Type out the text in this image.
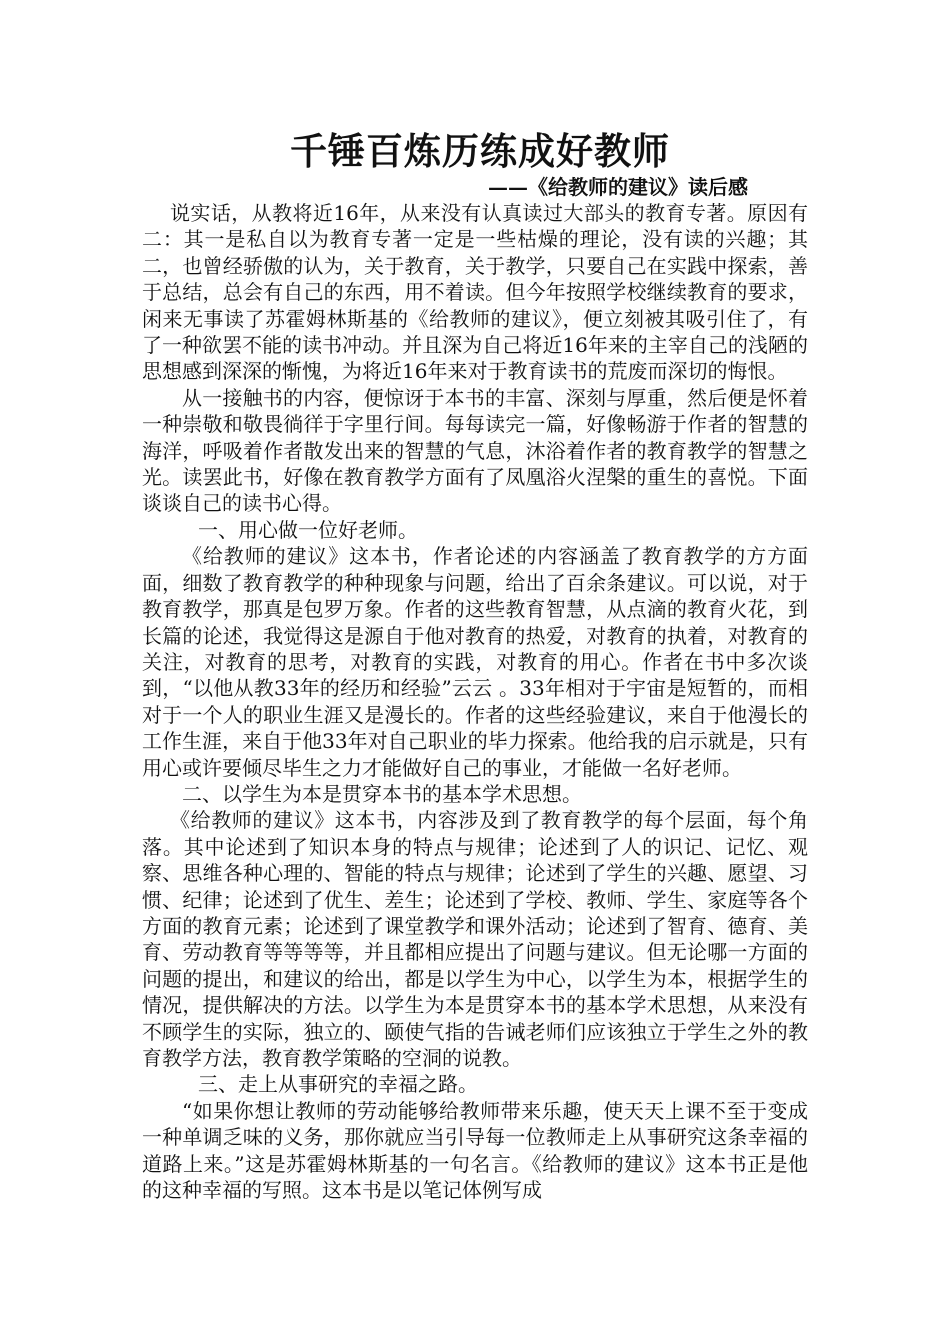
千锤百炼历练成好教师

——《给教师的建议》读后感

说实话，从教将近16年，从来没有认真读过大部头的教育专著。原因有二：其一是私自以为教育专著一定是一些枯燥的理论，没有读的兴趣；其二，也曾经骄傲的认为，关于教育，关于教学，只要自己在实践中探索，善于总结，总会有自己的东西，用不着读。但今年按照学校继续教育的要求，闲来无事读了苏霍姆林斯基的《给教师的建议》，便立刻被其吸引住了，有了一种欲罢不能的读书冲动。并且深为自己将近16年来的主宰自己的浅陋的思想感到深深的惭愧，为将近16年来对于教育读书的荒废而深切的悔恨。

从一接触书的内容，便惊讶于本书的丰富、深刻与厚重，然后便是怀着一种崇敬和敬畏徜徉于字里行间。每每读完一篇，好像畅游于作者的智慧的海洋，呼吸着作者散发出来的智慧的气息，沐浴着作者的教育教学的智慧之光。读罢此书，好像在教育教学方面有了凤凰浴火涅槃的重生的喜悦。下面谈谈自己的读书心得。

一、用心做一位好老师。

《给教师的建议》这本书，作者论述的内容涵盖了教育教学的方方面面，细数了教育教学的种种现象与问题，给出了百余条建议。可以说，对于教育教学，那真是包罗万象。作者的这些教育智慧，从点滴的教育火花，到长篇的论述，我觉得这是源自于他对教育的热爱，对教育的执着，对教育的关注，对教育的思考，对教育的实践，对教育的用心。作者在书中多次谈到，“以他从教33年的经历和经验”云云 。33年相对于宇宙是短暂的，而相对于一个人的职业生涯又是漫长的。作者的这些经验建议，来自于他漫长的工作生涯，来自于他33年对自己职业的毕力探索。他给我的启示就是，只有用心或许要倾尽毕生之力才能做好自己的事业，才能做一名好老师。

二、以学生为本是贯穿本书的基本学术思想。

《给教师的建议》这本书，内容涉及到了教育教学的每个层面，每个角落。其中论述到了知识本身的特点与规律；论述到了人的识记、记忆、观察、思维各种心理的、智能的特点与规律；论述到了学生的兴趣、愿望、习惯、纪律；论述到了优生、差生；论述到了学校、教师、学生、家庭等各个方面的教育元素；论述到了课堂教学和课外活动；论述到了智育、德育、美育、劳动教育等等等等，并且都相应提出了问题与建议。但无论哪一方面的问题的提出，和建议的给出，都是以学生为中心，以学生为本，根据学生的情况，提供解决的方法。以学生为本是贯穿本书的基本学术思想，从来没有不顾学生的实际，独立的、颐使气指的告诫老师们应该独立于学生之外的教育教学方法，教育教学策略的空洞的说教。

三、走上从事研究的幸福之路。

“如果你想让教师的劳动能够给教师带来乐趣，使天天上课不至于变成一种单调乏味的义务，那你就应当引导每一位教师走上从事研究这条幸福的道路上来。”这是苏霍姆林斯基的一句名言。《给教师的建议》这本书正是他的这种幸福的写照。这本书是以笔记体例写成
